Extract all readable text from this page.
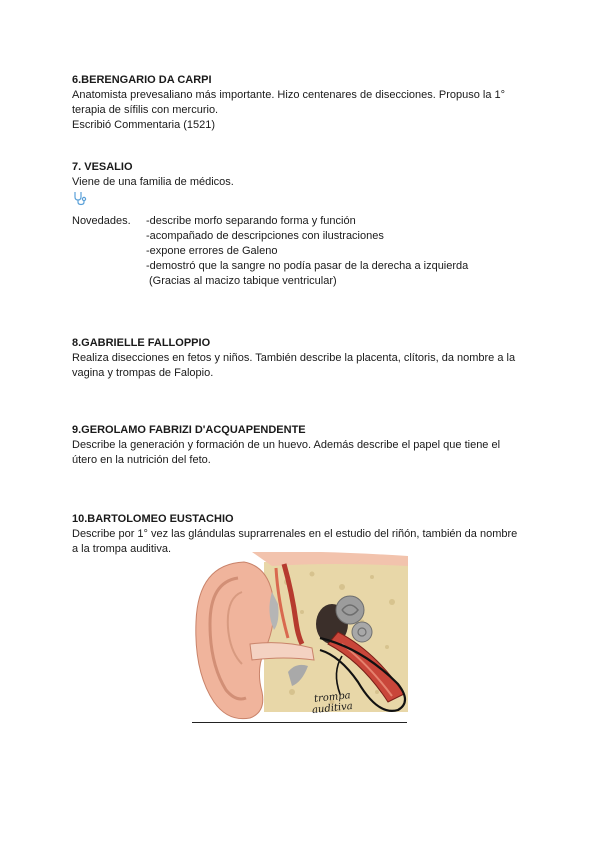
6.BERENGARIO DA CARPI
Anatomista prevesaliano más importante. Hizo centenares de disecciones. Propuso la 1°
terapia de sífilis con mercurio.
Escribió Commentaria (1521)
7. VESALIO
Viene de una familia de médicos.
Novedades. -describe morfo separando forma y función
-acompañado de descripciones con ilustraciones
-expone errores de Galeno
-demostró que la sangre no podía pasar de la derecha a izquierda
(Gracias al macizo tabique ventricular)
8.GABRIELLE FALLOPPIO
Realiza disecciones en fetos y niños. También describe la placenta, clítoris, da nombre a la
vagina y trompas de Falopio.
9.GEROLAMO FABRIZI D'ACQUAPENDENTE
Describe la generación y formación de un huevo. Además describe el papel que tiene el
útero en la nutrición del feto.
10.BARTOLOMEO EUSTACHIO
Describe por 1° vez las glándulas suprarrenales en el estudio del riñón, también da nombre
a la trompa auditiva.
trompa
auditiva
